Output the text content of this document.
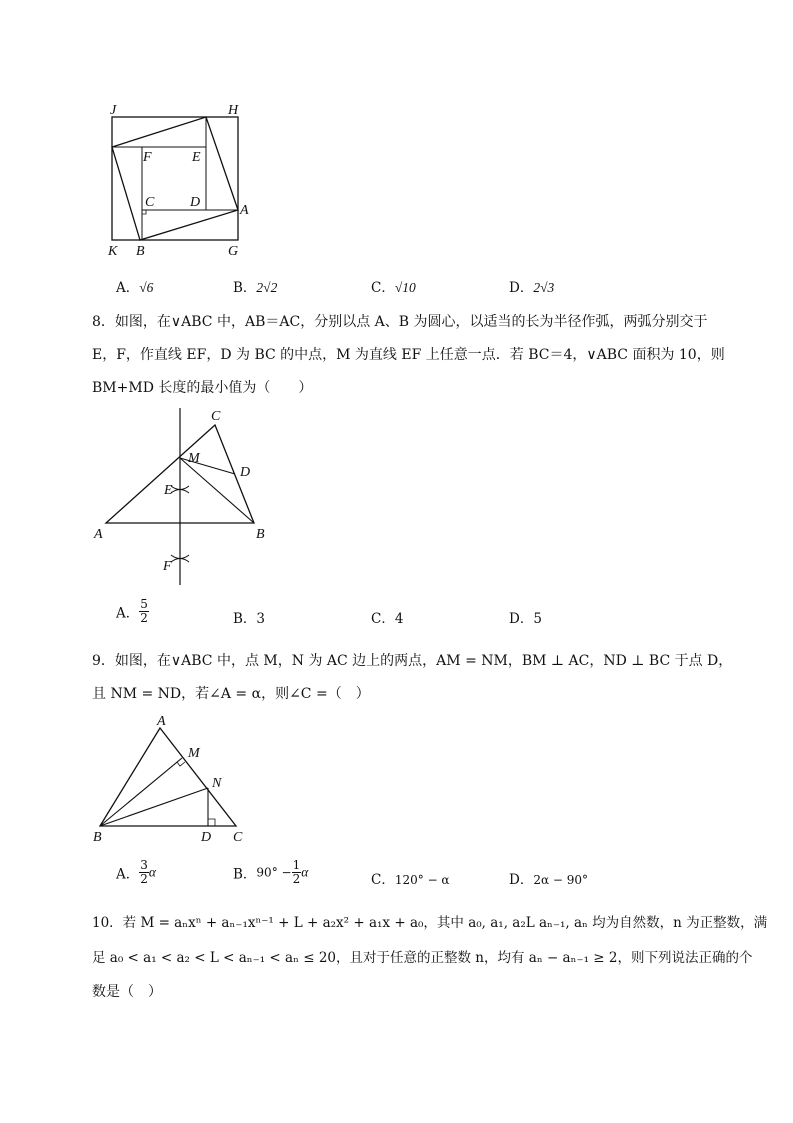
J	H
F	E
C	D
A
K B	G
A．√6	B．2√2	C．√10	D．2√3
8．如图，在∨ABC 中，AB＝AC，分别以点 A、B 为圆心，以适当的长为半径作弧，两弧分别交于
E，F，作直线 EF，D 为 BC 的中点，M 为直线 EF 上任意一点．若 BC＝4，∨ABC 面积为 10，则
BM+MD 长度的最小值为（　　）
C
M
D
E
A	B
F
A． $\frac{5}{2}$	B．3	C．4	D．5
9．如图，在∨ABC 中，点 M，N 为 AC 边上的两点，AM = NM，BM ⊥ AC，ND ⊥ BC 于点 D，
且 NM = ND，若∠A = α，则∠C =（　）
A
M
N
B	D C
A． $\frac{3}{2}$ α	B．$90^\circ - \frac{1}{2}$ α	C．120° − α	D．2α − 90°
10．若 M = aₙxⁿ + aₙ₋₁xⁿ⁻¹ + L + a₂x² + a₁x + a₀，其中 a₀, a₁, a₂L aₙ₋₁, aₙ 均为自然数，n 为正整数，满
足 a₀ < a₁ < a₂ < L < aₙ₋₁ < aₙ ≤ 20，且对于任意的正整数 n，均有 aₙ − aₙ₋₁ ≥ 2，则下列说法正确的个
数是（　）
